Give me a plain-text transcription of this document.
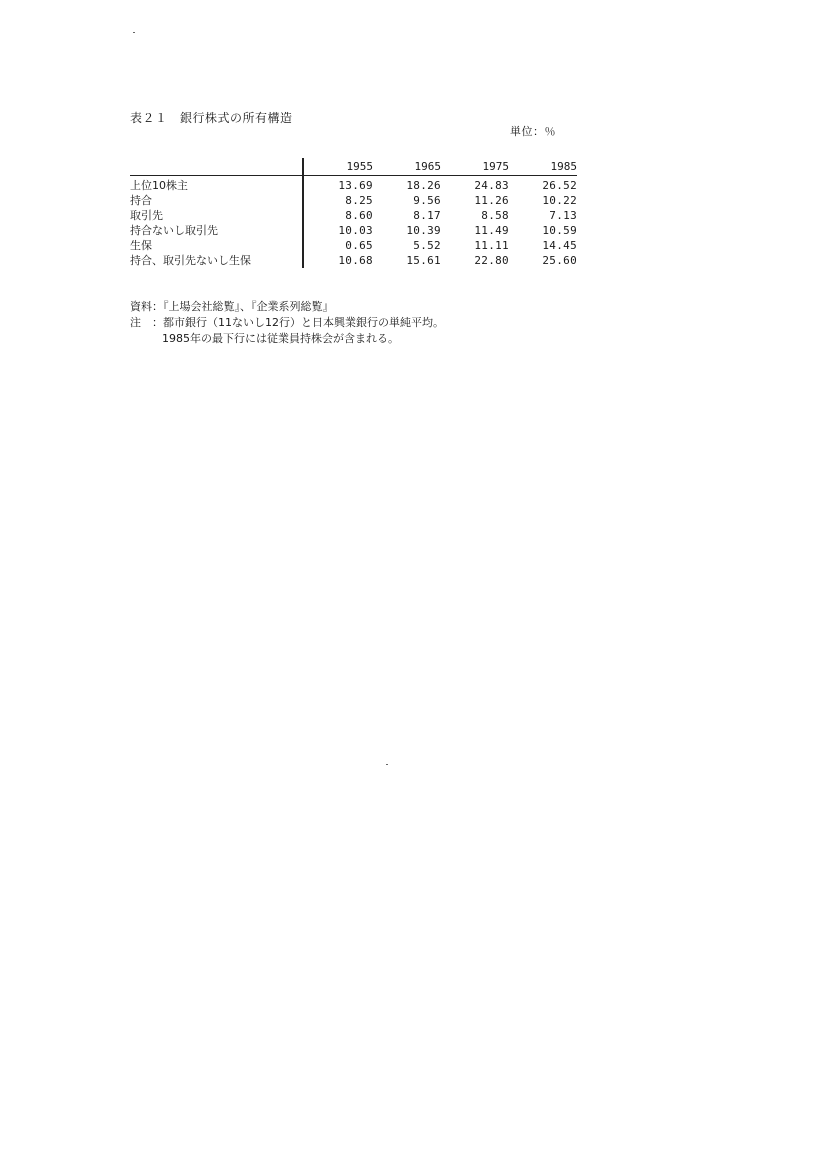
表２１　銀行株式の所有構造
単位：％
	1955	1965	1975	1985
上位10株主	13.69	18.26	24.83	26.52
持合	8.25	9.56	11.26	10.22
取引先	8.60	8.17	8.58	7.13
持合ないし取引先	10.03	10.39	11.49	10.59
生保	0.65	5.52	11.11	14.45
持合、取引先ないし生保	10.68	15.61	22.80	25.60
資料：『上場会社総覧』、『企業系列総覧』
注　：都市銀行（11ないし12行）と日本興業銀行の単純平均。
1985年の最下行には従業員持株会が含まれる。
